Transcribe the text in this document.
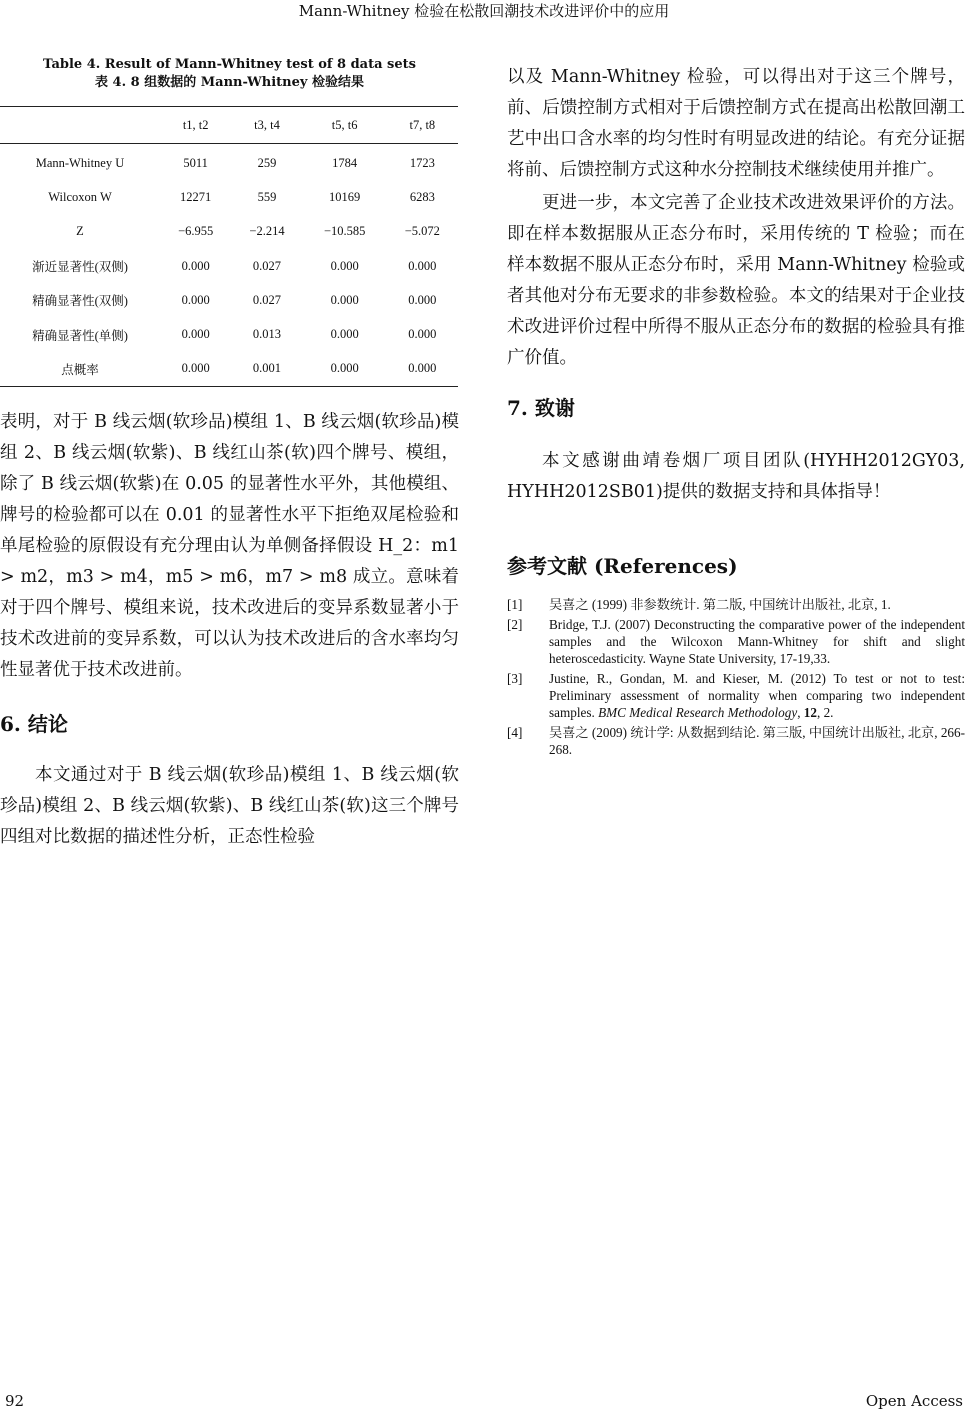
Mann-Whitney 检验在松散回潮技术改进评价中的应用
Table 4. Result of Mann-Whitney test of 8 data sets
表 4. 8 组数据的 Mann-Whitney 检验结果
	t1, t2	t3, t4	t5, t6	t7, t8
Mann-Whitney U	5011	259	1784	1723
Wilcoxon W	12271	559	10169	6283
Z	−6.955	−2.214	−10.585	−5.072
渐近显著性(双侧)	0.000	0.027	0.000	0.000
精确显著性(双侧)	0.000	0.027	0.000	0.000
精确显著性(单侧)	0.000	0.013	0.000	0.000
点概率	0.000	0.001	0.000	0.000

表明，对于 B 线云烟(软珍品)模组 1、B 线云烟(软珍品)模组 2、B 线云烟(软紫)、B 线红山茶(软)四个牌号、模组，除了 B 线云烟(软紫)在 0.05 的显著性水平外，其他模组、牌号的检验都可以在 0.01 的显著性水平下拒绝双尾检验和单尾检验的原假设有充分理由认为单侧备择假设 H_2：m1 > m2，m3 > m4，m5 > m6，m7 > m8 成立。意味着对于四个牌号、模组来说，技术改进后的变异系数显著小于技术改进前的变异系数，可以认为技术改进后的含水率均匀性显著优于技术改进前。

6. 结论

本文通过对于 B 线云烟(软珍品)模组 1、B 线云烟(软珍品)模组 2、B 线云烟(软紫)、B 线红山茶(软)这三个牌号四组对比数据的描述性分析，正态性检验

以及 Mann-Whitney 检验，可以得出对于这三个牌号，前、后馈控制方式相对于后馈控制方式在提高出松散回潮工艺中出口含水率的均匀性时有明显改进的结论。有充分证据将前、后馈控制方式这种水分控制技术继续使用并推广。

更进一步，本文完善了企业技术改进效果评价的方法。即在样本数据服从正态分布时，采用传统的 T 检验；而在样本数据不服从正态分布时，采用 Mann-Whitney 检验或者其他对分布无要求的非参数检验。本文的结果对于企业技术改进评价过程中所得不服从正态分布的数据的检验具有推广价值。

7. 致谢

本文感谢曲靖卷烟厂项目团队(HYHH2012GY03, HYHH2012SB01)提供的数据支持和具体指导！

参考文献 (References)
[1]	吴喜之 (1999) 非参数统计. 第二版, 中国统计出版社, 北京, 1.
[2]	Bridge, T.J. (2007) Deconstructing the comparative power of the independent samples and the Wilcoxon Mann-Whitney for shift and slight heteroscedasticity. Wayne State University, 17-19,33.
[3]	Justine, R., Gondan, M. and Kieser, M. (2012) To test or not to test: Preliminary assessment of normality when comparing two independent samples. BMC Medical Research Methodology, 12, 2.
[4]	吴喜之 (2009) 统计学: 从数据到结论. 第三版, 中国统计出版社, 北京, 266-268.
92	Open Access
